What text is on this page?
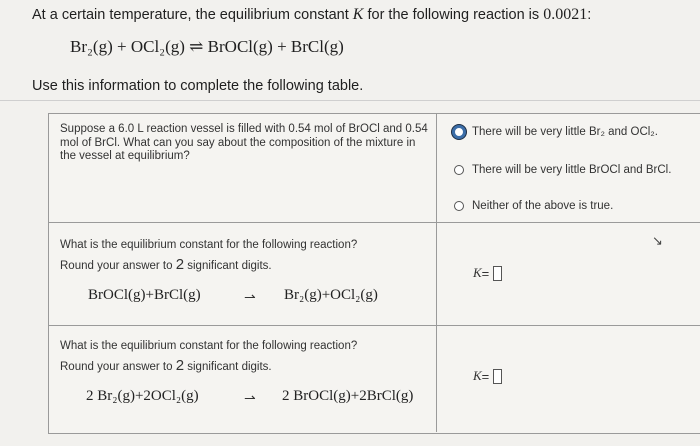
At a certain temperature, the equilibrium constant K for the following reaction is 0.0021:
Br₂(g) + OCl₂(g) ⇌ BrOCl(g) + BrCl(g)
Use this information to complete the following table.
Suppose a 6.0 L reaction vessel is filled with 0.54 mol of BrOCl and 0.54 mol of BrCl. What can you say about the composition of the mixture in the vessel at equilibrium?
There will be very little Br₂ and OCl₂.
There will be very little BrOCl and BrCl.
Neither of the above is true.
↘
What is the equilibrium constant for the following reaction?
Round your answer to 2 significant digits.
BrOCl(g)+BrCl(g)	⇀ Br₂(g)+OCl₂(g)
K =
What is the equilibrium constant for the following reaction?
Round your answer to 2 significant digits.
2 Br₂(g)+2OCl₂(g)	⇀ 2 BrOCl(g)+2BrCl(g)
K =
